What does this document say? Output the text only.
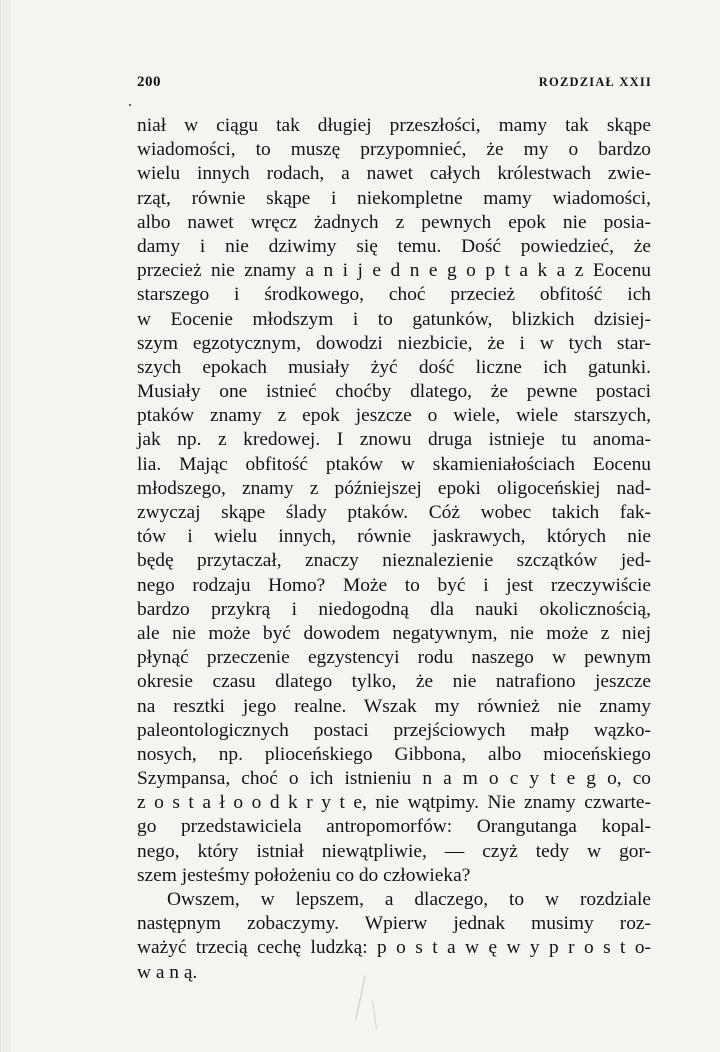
200	ROZDZIAŁ XXII
niał w ciągu tak długiej przeszłości, mamy tak skąpe
wiadomości, to muszę przypomnieć, że my o bardzo
wielu innych rodach, a nawet całych królestwach zwie-
rząt, równie skąpe i niekompletne mamy wiadomości,
albo nawet wręcz żadnych z pewnych epok nie posia-
damy i nie dziwimy się temu. Dość powiedzieć, że
przecież nie znamy a n i j e d n e g o p t a k a z Eocenu
starszego i środkowego, choć przecież obfitość ich
w Eocenie młodszym i to gatunków, blizkich dzisiej-
szym egzotycznym, dowodzi niezbicie, że i w tych star-
szych epokach musiały żyć dość liczne ich gatunki.
Musiały one istnieć choćby dlatego, że pewne postaci
ptaków znamy z epok jeszcze o wiele, wiele starszych,
jak np. z kredowej. I znowu druga istnieje tu anoma-
lia. Mając obfitość ptaków w skamieniałościach Eocenu
młodszego, znamy z późniejszej epoki oligoceńskiej nad-
zwyczaj skąpe ślady ptaków. Cóż wobec takich fak-
tów i wielu innych, równie jaskrawych, których nie
będę przytaczał, znaczy nieznalezienie szczątków jed-
nego rodzaju Homo? Może to być i jest rzeczywiście
bardzo przykrą i niedogodną dla nauki okolicznością,
ale nie może być dowodem negatywnym, nie może z niej
płynąć przeczenie egzystencyi rodu naszego w pewnym
okresie czasu dlatego tylko, że nie natrafiono jeszcze
na resztki jego realne. Wszak my również nie znamy
paleontologicznych postaci przejściowych małp wązko-
nosych, np. plioceńskiego Gibbona, albo mioceńskiego
Szympansa, choć o ich istnieniu n a m o c y t e g o, co
z o s t a ł o o d k r y t e, nie wątpimy. Nie znamy czwarte-
go przedstawiciela antropomorfów: Orangutanga kopal-
nego, który istniał niewątpliwie, — czyż tedy w gor-
szem jesteśmy położeniu co do człowieka?
Owszem, w lepszem, a dlaczego, to w rozdziale
następnym zobaczymy. Wpierw jednak musimy roz-
ważyć trzecią cechę ludzką: p o s t a w ę w y p r o s t o-
w a n ą.
